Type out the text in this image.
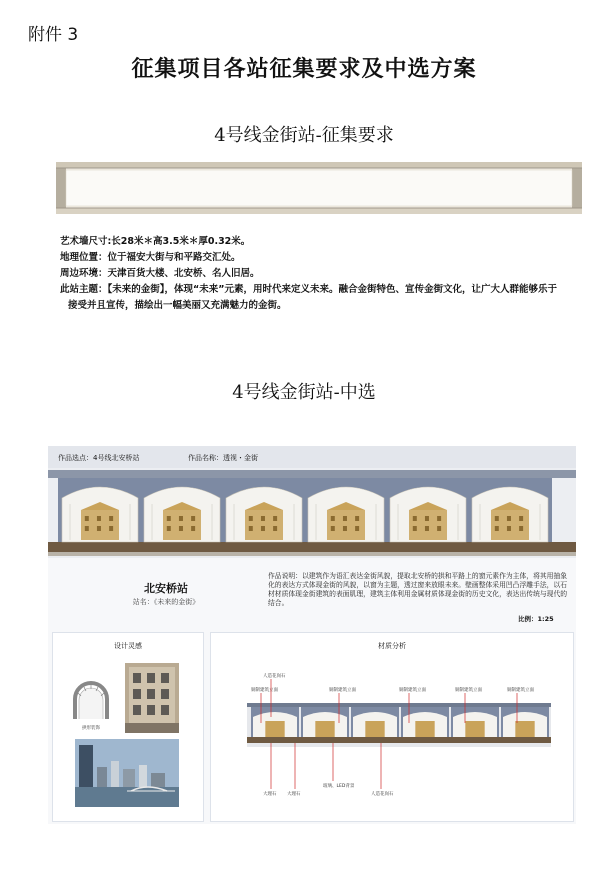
附件 3
征集项目各站征集要求及中选方案
4号线金街站-征集要求
艺术墙尺寸:长28米＊高3.5米＊厚0.32米。
地理位置：位于福安大街与和平路交汇处。
周边环境：天津百货大楼、北安桥、名人旧居。
此站主题：【未来的金街】，体现“未来”元素，用时代来定义未来。融合金街特色、宣传金街文化，让广大人群能够乐于
接受并且宣传，描绘出一幅美丽又充满魅力的金街。
4号线金街站-中选
作品选点：4号线北安桥站	作品名称：透视・金街
北安桥站
站名：《未来的金街》
作品说明：以建筑作为语汇表达金街风貌，提取北安桥的拱和平路上的窗元素作为主体，将其用抽象化的表达方式体现金街的风貌，以窗为主题，透过窗来放眼未来。壁画整体采用凹凸浮雕手法，以石材材质体现金街建筑的表面肌理，建筑主体利用金属材质体现金街的历史文化，表达出传统与现代的结合。
比例：1:25
设计灵感
拱形装饰
材质分析
人造花岗石
铜制建筑立面	铜制建筑立面	铜制建筑立面	铜制建筑立面	铜制建筑立面
大理石 大理石
玻璃、LED背景
人造花岗石
